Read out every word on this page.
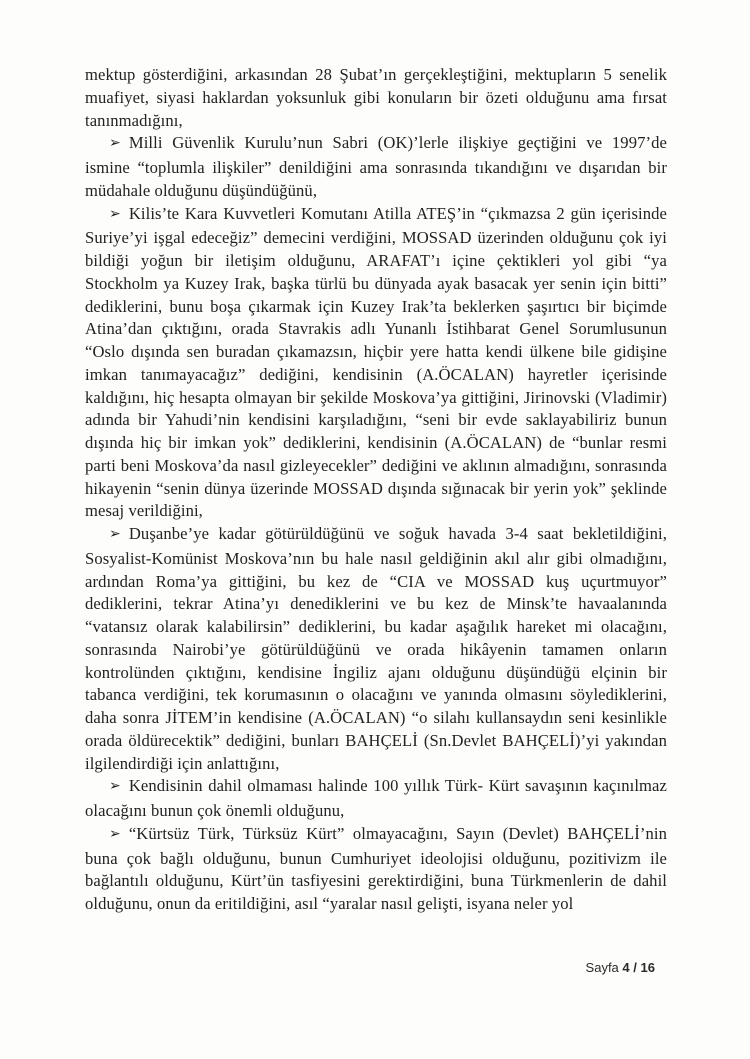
mektup gösterdiğini, arkasından 28 Şubat’ın gerçekleştiğini, mektupların 5 senelik muafiyet, siyasi haklardan yoksunluk gibi konuların bir özeti olduğunu ama fırsat tanınmadığını,

➢ Milli Güvenlik Kurulu’nun Sabri (OK)’lerle ilişkiye geçtiğini ve 1997’de ismine “toplumla ilişkiler” denildiğini ama sonrasında tıkandığını ve dışarıdan bir müdahale olduğunu düşündüğünü,

➢ Kilis’te Kara Kuvvetleri Komutanı Atilla ATEŞ’in “çıkmazsa 2 gün içerisinde Suriye’yi işgal edeceğiz” demecini verdiğini, MOSSAD üzerinden olduğunu çok iyi bildiği yoğun bir iletişim olduğunu, ARAFAT’ı içine çektikleri yol gibi “ya Stockholm ya Kuzey Irak, başka türlü bu dünyada ayak basacak yer senin için bitti” dediklerini, bunu boşa çıkarmak için Kuzey Irak’ta beklerken şaşırtıcı bir biçimde Atina’dan çıktığını, orada Stavrakis adlı Yunanlı İstihbarat Genel Sorumlusunun “Oslo dışında sen buradan çıkamazsın, hiçbir yere hatta kendi ülkene bile gidişine imkan tanımayacağız” dediğini, kendisinin (A.ÖCALAN) hayretler içerisinde kaldığını, hiç hesapta olmayan bir şekilde Moskova’ya gittiğini, Jirinovski (Vladimir) adında bir Yahudi’nin kendisini karşıladığını, “seni bir evde saklayabiliriz bunun dışında hiç bir imkan yok” dediklerini, kendisinin (A.ÖCALAN) de “bunlar resmi parti beni Moskova’da nasıl gizleyecekler” dediğini ve aklının almadığını, sonrasında hikayenin “senin dünya üzerinde MOSSAD dışında sığınacak bir yerin yok” şeklinde mesaj verildiğini,

➢ Duşanbe’ye kadar götürüldüğünü ve soğuk havada 3-4 saat bekletildiğini, Sosyalist-Komünist Moskova’nın bu hale nasıl geldiğinin akıl alır gibi olmadığını, ardından Roma’ya gittiğini, bu kez de “CIA ve MOSSAD kuş uçurtmuyor” dediklerini, tekrar Atina’yı denediklerini ve bu kez de Minsk’te havaalanında “vatansız olarak kalabilirsin” dediklerini, bu kadar aşağılık hareket mi olacağını, sonrasında Nairobi’ye götürüldüğünü ve orada hikâyenin tamamen onların kontrolünden çıktığını, kendisine İngiliz ajanı olduğunu düşündüğü elçinin bir tabanca verdiğini, tek korumasının o olacağını ve yanında olmasını söylediklerini, daha sonra JİTEM’in kendisine (A.ÖCALAN) “o silahı kullansaydın seni kesinlikle orada öldürecektik” dediğini, bunları BAHÇELİ (Sn.Devlet BAHÇELİ)’yi yakından ilgilendirdiği için anlattığını,

➢ Kendisinin dahil olmaması halinde 100 yıllık Türk- Kürt savaşının kaçınılmaz olacağını bunun çok önemli olduğunu,

➢ “Kürtsüz Türk, Türksüz Kürt” olmayacağını, Sayın (Devlet) BAHÇELİ’nin buna çok bağlı olduğunu, bunun Cumhuriyet ideolojisi olduğunu, pozitivizm ile bağlantılı olduğunu, Kürt’ün tasfiyesini gerektirdiğini, buna Türkmenlerin de dahil olduğunu, onun da eritildiğini, asıl “yaralar nasıl gelişti, isyana neler yol

Sayfa 4 / 16
